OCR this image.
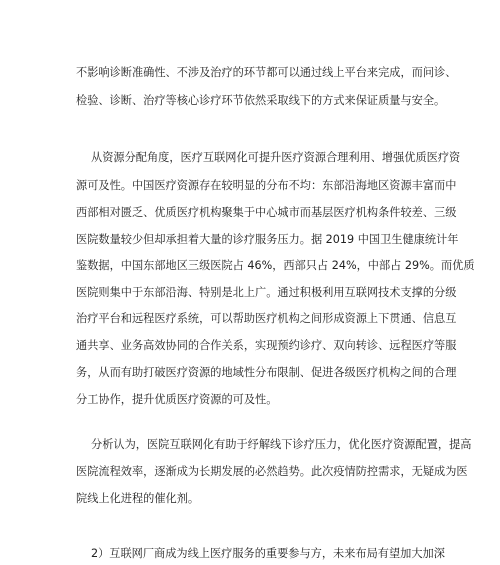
不影响诊断准确性、不涉及治疗的环节都可以通过线上平台来完成，而问诊、
检验、诊断、治疗等核心诊疗环节依然采取线下的方式来保证质量与安全。
从资源分配角度，医疗互联网化可提升医疗资源合理利用、增强优质医疗资
源可及性。中国医疗资源存在较明显的分布不均：东部沿海地区资源丰富而中
西部相对匮乏、优质医疗机构聚集于中心城市而基层医疗机构条件较差、三级
医院数量较少但却承担着大量的诊疗服务压力。据 2019 中国卫生健康统计年
鉴数据，中国东部地区三级医院占 46%，西部只占 24%，中部占 29%。而优质
医院则集中于东部沿海、特别是北上广。通过积极利用互联网技术支撑的分级
治疗平台和远程医疗系统，可以帮助医疗机构之间形成资源上下贯通、信息互
通共享、业务高效协同的合作关系，实现预约诊疗、双向转诊、远程医疗等服
务，从而有助打破医疗资源的地域性分布限制、促进各级医疗机构之间的合理
分工协作，提升优质医疗资源的可及性。
分析认为，医院互联网化有助于纾解线下诊疗压力，优化医疗资源配置，提高
医院流程效率，逐渐成为长期发展的必然趋势。此次疫情防控需求，无疑成为医
院线上化进程的催化剂。
2）互联网厂商成为线上医疗服务的重要参与方，未来布局有望加大加深
